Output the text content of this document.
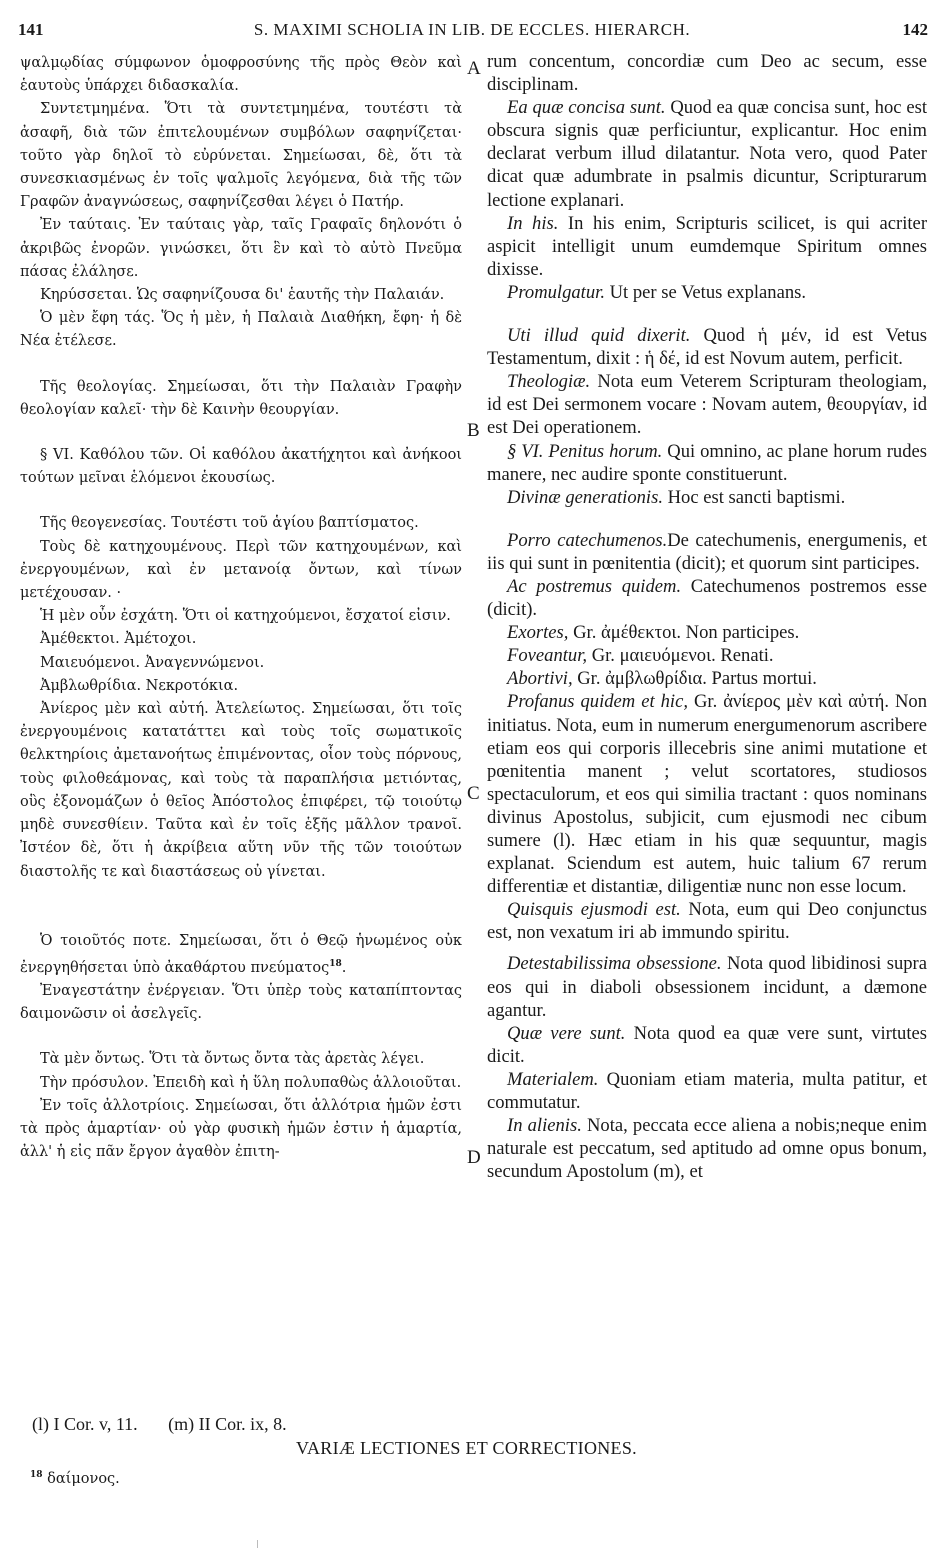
141	S. MAXIMI SCHOLIA IN LIB. DE ECCLES. HIERARCH.	142
A
B
C
D

ψαλμῳδίας σύμφωνον ὁμοφροσύνης τῆς πρὸς Θεὸν καὶ ἑαυτοὺς ὑπάρχει διδασκαλία.

Συντετμημένα. Ὅτι τὰ συντετμημένα, τουτέστι τὰ ἀσαφῆ, διὰ τῶν ἐπιτελουμένων συμβόλων σαφηνίζεται· τοῦτο γὰρ δηλοῖ τὸ εὐρύνεται. Σημείωσαι, δὲ, ὅτι τὰ συνεσκιασμένως ἐν τοῖς ψαλμοῖς λεγόμενα, διὰ τῆς τῶν Γραφῶν ἀναγνώσεως, σαφηνίζεσθαι λέγει ὁ Πατήρ.

Ἐν ταύταις. Ἐν ταύταις γὰρ, ταῖς Γραφαῖς δηλονότι ὁ ἀκριβῶς ἐνορῶν. γινώσκει, ὅτι ἓν καὶ τὸ αὐτὸ Πνεῦμα πάσας ἐλάλησε.

Κηρύσσεται. Ὡς σαφηνίζουσα δι' ἑαυτῆς τὴν Παλαιάν.

Ὁ μὲν ἔφη τάς. Ὅς ἡ μὲν, ἡ Παλαιὰ Διαθήκη, ἔφη· ἡ δὲ Νέα ἐτέλεσε.

Τῆς θεολογίας. Σημείωσαι, ὅτι τὴν Παλαιὰν Γραφὴν θεολογίαν καλεῖ· τὴν δὲ Καινὴν θεουργίαν.

§ VI. Καθόλου τῶν. Οἱ καθόλου ἀκατήχητοι καὶ ἀνήκοοι τούτων μεῖναι ἑλόμενοι ἑκουσίως.

Τῆς θεογενεσίας. Τουτέστι τοῦ ἁγίου βαπτίσματος.

Τοὺς δὲ κατηχουμένους. Περὶ τῶν κατηχουμένων, καὶ ἐνεργουμένων, καὶ ἐν μετανοίᾳ ὄντων, καὶ τίνων μετέχουσαν. ·

Ἡ μὲν οὖν ἐσχάτη. Ὅτι οἱ κατηχούμενοι, ἔσχατοί εἰσιν.

Ἀμέθεκτοι. Ἀμέτοχοι.

Μαιευόμενοι. Ἀναγεννώμενοι.

Ἀμβλωθρίδια. Νεκροτόκια.

Ἀνίερος μὲν καὶ αὐτή. Ἀτελείωτος. Σημείωσαι, ὅτι τοῖς ἐνεργουμένοις κατατάττει καὶ τοὺς τοῖς σωματικοῖς θελκτηρίοις ἀμετανοήτως ἐπιμένοντας, οἷον τοὺς πόρνους, τοὺς φιλοθεάμονας, καὶ τοὺς τὰ παραπλήσια μετιόντας, οὓς ἐξονομάζων ὁ θεῖος Ἀπόστολος ἐπιφέρει, τῷ τοιούτῳ μηδὲ συνεσθίειν. Ταῦτα καὶ ἐν τοῖς ἑξῆς μᾶλλον τρανοῖ. Ἰστέον δὲ, ὅτι ἡ ἀκρίβεια αὕτη νῦν τῆς τῶν τοιούτων διαστολῆς τε καὶ διαστάσεως οὐ γίνεται.

Ὁ τοιοῦτός ποτε. Σημείωσαι, ὅτι ὁ Θεῷ ἡνωμένος οὐκ ἐνεργηθήσεται ὑπὸ ἀκαθάρτου πνεύματος$^{18}$.

Ἐναγεστάτην ἐνέργειαν. Ὅτι ὑπὲρ τοὺς καταπίπτοντας δαιμονῶσιν οἱ ἀσελγεῖς.

Τὰ μὲν ὄντως. Ὅτι τὰ ὄντως ὄντα τὰς ἀρετὰς λέγει.

Τὴν πρόσυλον. Ἐπειδὴ καὶ ἡ ὕλη πολυπαθὼς ἀλλοιοῦται.

Ἐν τοῖς ἀλλοτρίοις. Σημείωσαι, ὅτι ἀλλότρια ἡμῶν ἐστι τὰ πρὸς ἁμαρτίαν· οὐ γὰρ φυσικὴ ἡμῶν ἐστιν ἡ ἁμαρτία, ἀλλ' ἡ εἰς πᾶν ἔργον ἀγαθὸν ἐπιτη-

rum concentum, concordiæ cum Deo ac secum, esse disciplinam.

Ea quæ concisa sunt. Quod ea quæ concisa sunt, hoc est obscura signis quæ perficiuntur, explicantur. Hoc enim declarat verbum illud dilatantur. Nota vero, quod Pater dicat quæ adumbrate in psalmis dicuntur, Scripturarum lectione explanari.

In his. In his enim, Scripturis scilicet, is qui acriter aspicit intelligit unum eumdemque Spiritum omnes dixisse.

Promulgatur. Ut per se Vetus explanans.

Uti illud quid dixerit. Quod ἡ μέν, id est Vetus Testamentum, dixit : ἡ δέ, id est Novum autem, perficit.

Theologiæ. Nota eum Veterem Scripturam theologiam, id est Dei sermonem vocare : Novam autem, θεουργίαν, id est Dei operationem.

§ VI. Penitus horum. Qui omnino, ac plane horum rudes manere, nec audire sponte constituerunt.

Divinæ generationis. Hoc est sancti baptismi.

Porro catechumenos.De catechumenis, energumenis, et iis qui sunt in pœnitentia (dicit); et quorum sint participes.

Ac postremus quidem. Catechumenos postremos esse (dicit).

Exortes, Gr. ἀμέθεκτοι. Non participes.

Foveantur, Gr. μαιευόμενοι. Renati.

Abortivi, Gr. ἀμβλωθρίδια. Partus mortui.

Profanus quidem et hic, Gr. ἀνίερος μὲν καὶ αὐτή. Non initiatus. Nota, eum in numerum energumenorum ascribere etiam eos qui corporis illecebris sine animi mutatione et pœnitentia manent ; velut scortatores, studiosos spectaculorum, et eos qui similia tractant : quos nominans divinus Apostolus, subjicit, cum ejusmodi nec cibum sumere (l). Hæc etiam in his quæ sequuntur, magis explanat. Sciendum est autem, huic talium 67 rerum differentiæ et distantiæ, diligentiæ nunc non esse locum.

Quisquis ejusmodi est. Nota, eum qui Deo conjunctus est, non vexatum iri ab immundo spiritu.

Detestabilissima obsessione. Nota quod libidinosi supra eos qui in diaboli obsessionem incidunt, a dæmone agantur.

Quæ vere sunt. Nota quod ea quæ vere sunt, virtutes dicit.

Materialem. Quoniam etiam materia, multa patitur, et commutatur.

In alienis. Nota, peccata ecce aliena a nobis;neque enim naturale est peccatum, sed aptitudo ad omne opus bonum, secundum Apostolum (m), et

(l) I Cor. v, 11. (m) II Cor. ix, 8.
VARIÆ LECTIONES ET CORRECTIONES.
$^{18}$ δαίμονος.
